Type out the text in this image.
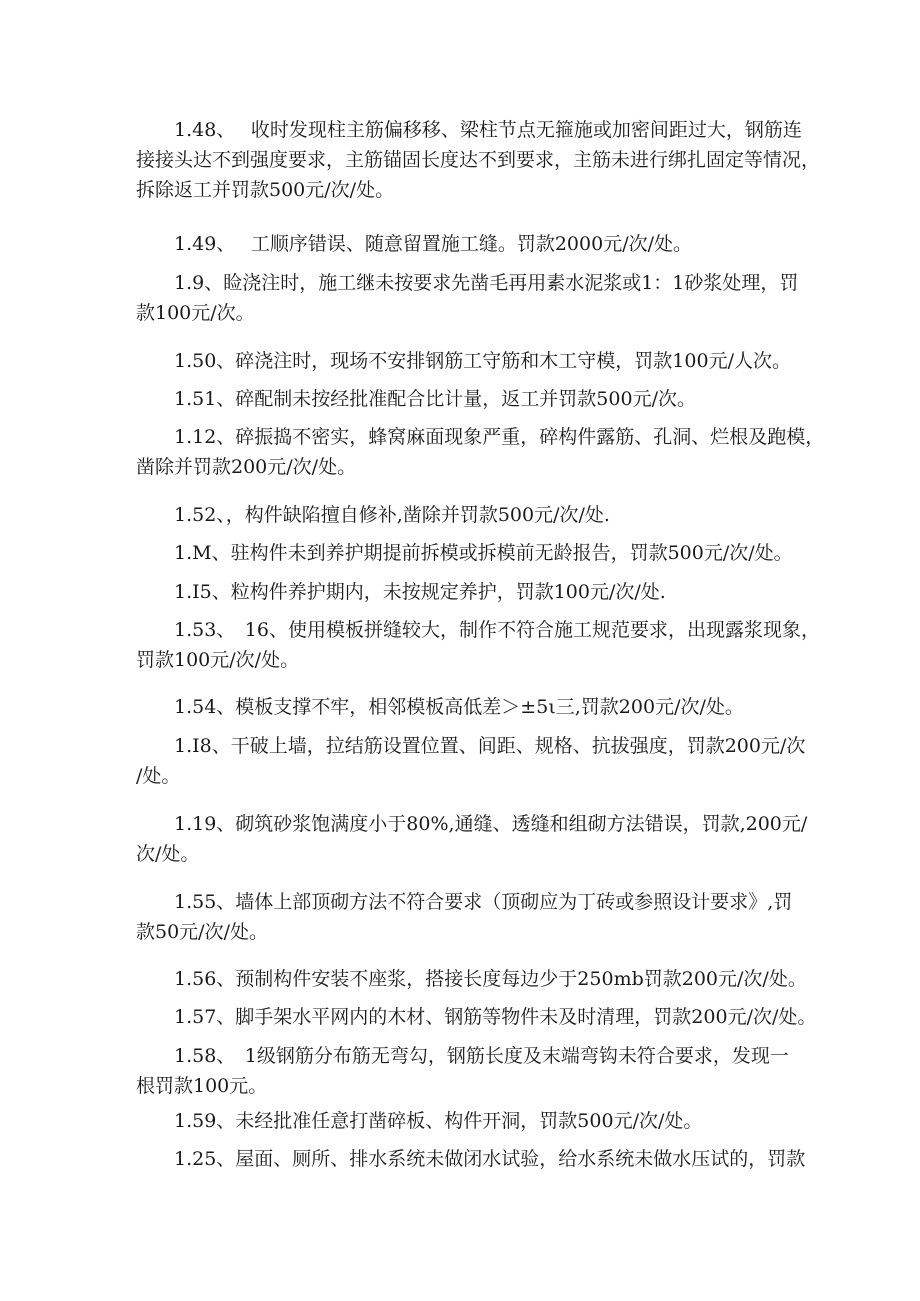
1.48、　 收时发现柱主筋偏移移、梁柱节点无箍施或加密间距过大，钢筋连
接接头达不到强度要求，主筋锚固长度达不到要求，主筋未进行绑扎固定等情况，
拆除返工并罚款500元/次/处。
1.49、　 工顺序错误、随意留置施工缝。罚款2000元/次/处。
1.9、睑浇注时，施工继未按要求先凿毛再用素水泥浆或1：1砂浆处理，罚
款100元/次。
1.50、碎浇注时，现场不安排钢筋工守筋和木工守模，罚款100元/人次。
1.51、碎配制未按经批准配合比计量，返工并罚款500元/次。
1.12、碎振捣不密实，蜂窝麻面现象严重，碎构件露筋、孔洞、烂根及跑模，
凿除并罚款200元/次/处。
1.52、，构件缺陷擅自修补,凿除并罚款500元/次/处.
1.M、驻构件未到养护期提前拆模或拆模前无龄报告，罚款500元/次/处。
1.I5、粒构件养护期内，未按规定养护，罚款100元/次/处.
1.53、　16、使用模板拼缝较大，制作不符合施工规范要求，出现露浆现象，
罚款100元/次/处。
1.54、模板支撑不牢，相邻模板高低差＞±5ι三,罚款200元/次/处。
1.I8、干破上墙，拉结筋设置位置、间距、规格、抗拔强度，罚款200元/次
/处。
1.19、砌筑砂浆饱满度小于80%,通缝、透缝和组砌方法错误，罚款,200元/
次/处。
1.55、墙体上部顶砌方法不符合要求（顶砌应为丁砖或参照设计要求》,罚
款50元/次/处。
1.56、预制构件安装不座浆，搭接长度每边少于250mb罚款200元/次/处。
1.57、脚手架水平网内的木材、钢筋等物件未及时清理，罚款200元/次/处。
1.58、　1级钢筋分布筋无弯勾，钢筋长度及末端弯钩未符合要求，发现一
根罚款100元。
1.59、未经批准任意打凿碎板、构件开洞，罚款500元/次/处。
1.25、屋面、厕所、排水系统未做闭水试验，给水系统未做水压试的，罚款
